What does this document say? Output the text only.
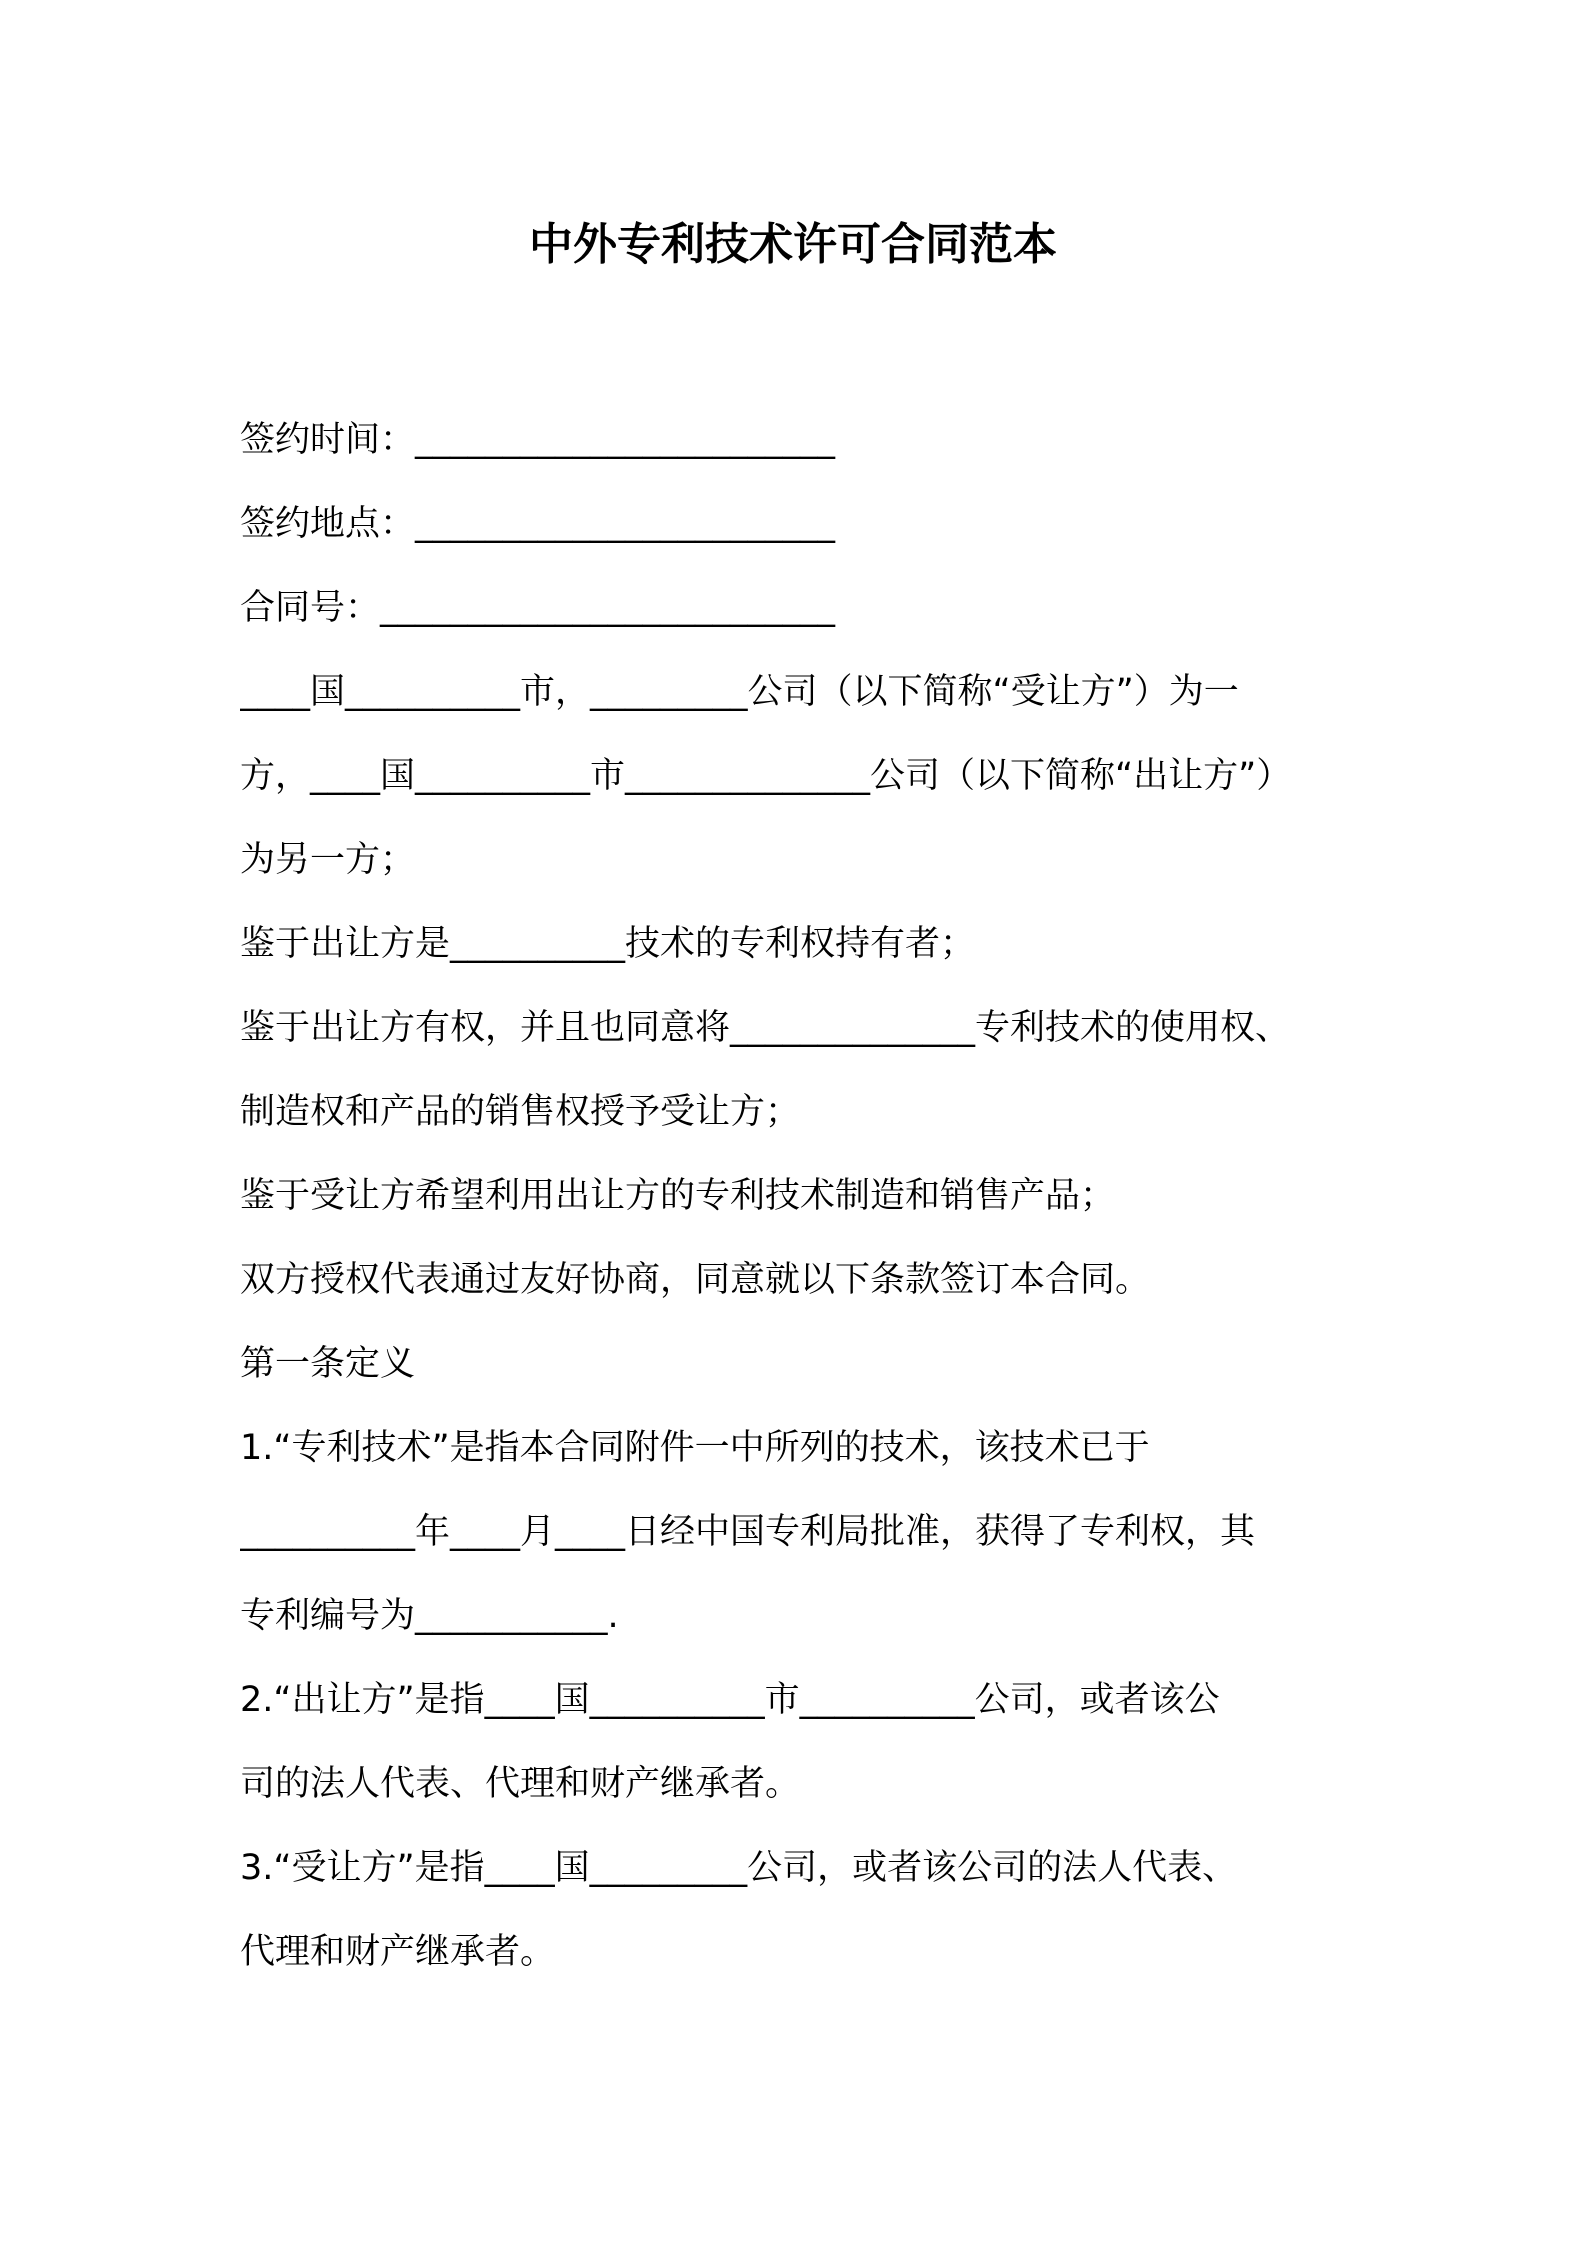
中外专利技术许可合同范本
签约时间：________________________
签约地点：________________________
合同号：__________________________
____国__________市，_________公司（以下简称“受让方”）为一
方，____国__________市______________公司（以下简称“出让方”）
为另一方；
鉴于出让方是__________技术的专利权持有者；
鉴于出让方有权，并且也同意将______________专利技术的使用权、
制造权和产品的销售权授予受让方；
鉴于受让方希望利用出让方的专利技术制造和销售产品；
双方授权代表通过友好协商，同意就以下条款签订本合同。
第一条定义
1.“专利技术”是指本合同附件一中所列的技术，该技术已于
__________年____月____日经中国专利局批准，获得了专利权，其
专利编号为___________.
2.“出让方”是指____国__________市__________公司，或者该公
司的法人代表、代理和财产继承者。
3.“受让方”是指____国_________公司，或者该公司的法人代表、
代理和财产继承者。
